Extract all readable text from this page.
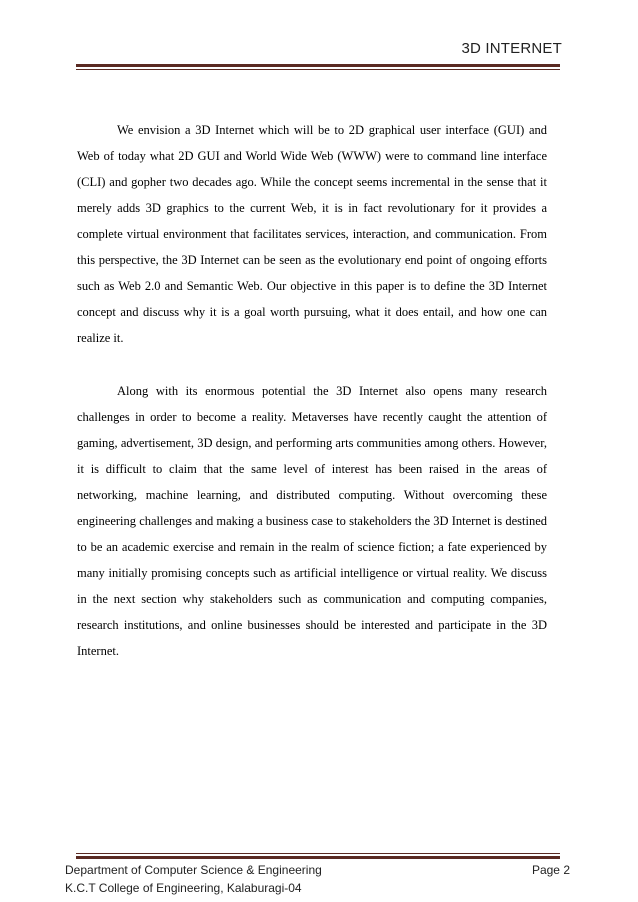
3D INTERNET

We envision a 3D Internet which will be to 2D graphical user interface (GUI) and Web of today what 2D GUI and World Wide Web (WWW) were to command line interface (CLI) and gopher two decades ago. While the concept seems incremental in the sense that it merely adds 3D graphics to the current Web, it is in fact revolutionary for it provides a complete virtual environment that facilitates services, interaction, and communication. From this perspective, the 3D Internet can be seen as the evolutionary end point of ongoing efforts such as Web 2.0 and Semantic Web. Our objective in this paper is to define the 3D Internet concept and discuss why it is a goal worth pursuing, what it does entail, and how one can realize it.

Along with its enormous potential the 3D Internet also opens many research challenges in order to become a reality. Metaverses have recently caught the attention of gaming, advertisement, 3D design, and performing arts communities among others. However, it is difficult to claim that the same level of interest has been raised in the areas of networking, machine learning, and distributed computing. Without overcoming these engineering challenges and making a business case to stakeholders the 3D Internet is destined to be an academic exercise and remain in the realm of science fiction; a fate experienced by many initially promising concepts such as artificial intelligence or virtual reality. We discuss in the next section why stakeholders such as communication and computing companies, research institutions, and online businesses should be interested and participate in the 3D Internet.

Department of Computer Science & Engineering
K.C.T College of Engineering, Kalaburagi-04
Page 2
